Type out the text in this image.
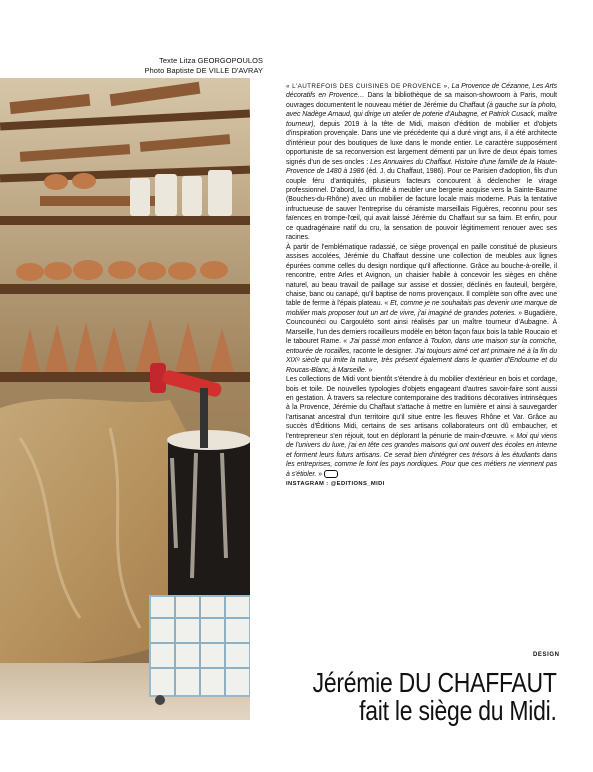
Texte Litza GEORGOPOULOS
Photo Baptiste DE VILLE D'AVRAY

« L'AUTREFOIS DES CUISINES DE PROVENCE », La Provence de Cézanne, Les Arts décoratifs en Provence… Dans la bibliothèque de sa maison-showroom à Paris, moult ouvrages documentent le nouveau métier de Jérémie du Chaffaut (à gauche sur la photo, avec Nadège Arnaud, qui dirige un atelier de poterie d'Aubagne, et Patrick Cusack, maître tourneur), depuis 2019 à la tête de Midi, maison d'édition de mobilier et d'objets d'inspiration provençale. Dans une vie précédente qui a duré vingt ans, il a été architecte d'intérieur pour des boutiques de luxe dans le monde entier. Le caractère supposément opportuniste de sa reconversion est largement démenti par un livre de deux épais tomes signés d'un de ses oncles : Les Annuaires du Chaffaut. Histoire d'une famille de la Haute-Provence de 1480 à 1986 (éd. J. du Chaffaut, 1986). Pour ce Parisien d'adoption, fils d'un couple féru d'antiquités, plusieurs facteurs concourent à déclencher le virage professionnel. D'abord, la difficulté à meubler une bergerie acquise vers la Sainte-Baume (Bouches-du-Rhône) avec un mobilier de facture locale mais moderne. Puis la tentative infructueuse de sauver l'entreprise du céramiste marseillais Figuères, reconnu pour ses faïences en trompe-l'œil, qui avait laissé Jérémie du Chaffaut sur sa faim. Et enfin, pour ce quadragénaire natif du cru, la sensation de pouvoir légitimement renouer avec ses racines.

À partir de l'emblématique radassié, ce siège provençal en paille constitué de plusieurs assises accolées, Jérémie du Chaffaut dessine une collection de meubles aux lignes épurées comme celles du design nordique qu'il affectionne. Grâce au bouche-à-oreille, il rencontre, entre Arles et Avignon, un chaisier habile à concevoir les sièges en chêne naturel, au beau travail de paillage sur assise et dossier, déclinés en fauteuil, bergère, chaise, banc ou canapé, qu'il baptise de noms provençaux. Il complète son offre avec une table de ferme à l'épais plateau. « Et, comme je ne souhaitais pas devenir une marque de mobilier mais proposer tout un art de vivre, j'ai imaginé de grandes poteries. » Bugadière, Councounéci ou Cargouléto sont ainsi réalisés par un maître tourneur d'Aubagne. À Marseille, l'un des derniers rocailleurs modèle en béton façon faux bois la table Roucaio et le tabouret Rame. « J'ai passé mon enfance à Toulon, dans une maison sur la corniche, entourée de rocailles, raconte le designer. J'ai toujours aimé cet art primaire né à la fin du XIXᵉ siècle qui imite la nature, très présent également dans le quartier d'Endoume et du Roucas-Blanc, à Marseille. »

Les collections de Midi vont bientôt s'étendre à du mobilier d'extérieur en bois et cordage, bois et toile. De nouvelles typologies d'objets engageant d'autres savoir-faire sont aussi en gestation. À travers sa relecture contemporaine des traditions décoratives intrinsèques à la Provence, Jérémie du Chaffaut s'attache à mettre en lumière et ainsi à sauvegarder l'artisanat ancestral d'un territoire qu'il situe entre les fleuves Rhône et Var. Grâce au succès d'Éditions Midi, certains de ses artisans collaborateurs ont dû embaucher, et l'entrepreneur s'en réjouit, tout en déplorant la pénurie de main-d'œuvre. « Moi qui viens de l'univers du luxe, j'ai en tête ces grandes maisons qui ont ouvert des écoles en interne et forment leurs futurs artisans. Ce serait bien d'intégrer ces trésors à les étudiants dans les entreprises, comme le font les pays nordiques. Pour que ces métiers ne viennent pas à s'étioler. »

INSTAGRAM : @EDITIONS_MIDI

DESIGN
Jérémie DU CHAFFAUT
fait le siège du Midi.
